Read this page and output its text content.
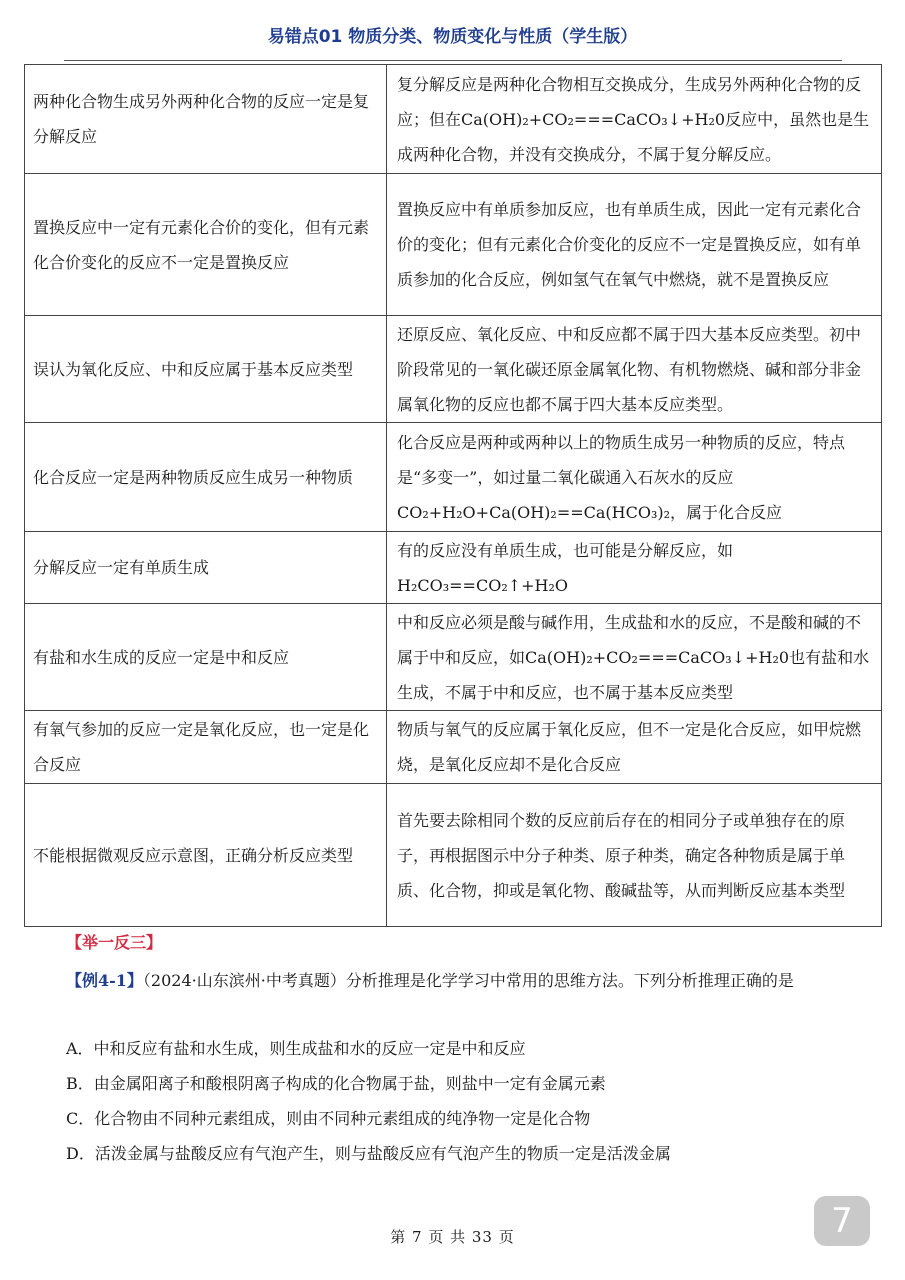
易错点01 物质分类、物质变化与性质（学生版）
两种化合物生成另外两种化合物的反应一定是复分解反应	复分解反应是两种化合物相互交换成分，生成另外两种化合物的反应；但在Ca(OH)₂+CO₂===CaCO₃↓+H₂0反应中，虽然也是生成两种化合物，并没有交换成分，不属于复分解反应。
置换反应中一定有元素化合价的变化，但有元素化合价变化的反应不一定是置换反应	置换反应中有单质参加反应，也有单质生成，因此一定有元素化合价的变化；但有元素化合价变化的反应不一定是置换反应，如有单质参加的化合反应，例如氢气在氧气中燃烧，就不是置换反应
误认为氧化反应、中和反应属于基本反应类型	还原反应、氧化反应、中和反应都不属于四大基本反应类型。初中阶段常见的一氧化碳还原金属氧化物、有机物燃烧、碱和部分非金属氧化物的反应也都不属于四大基本反应类型。
化合反应一定是两种物质反应生成另一种物质	化合反应是两种或两种以上的物质生成另一种物质的反应，特点是“多变一”，如过量二氧化碳通入石灰水的反应CO₂+H₂O+Ca(OH)₂==Ca(HCO₃)₂，属于化合反应
分解反应一定有单质生成	有的反应没有单质生成，也可能是分解反应，如H₂CO₃==CO₂↑+H₂O
有盐和水生成的反应一定是中和反应	中和反应必须是酸与碱作用，生成盐和水的反应，不是酸和碱的不属于中和反应，如Ca(OH)₂+CO₂===CaCO₃↓+H₂0也有盐和水生成，不属于中和反应，也不属于基本反应类型
有氧气参加的反应一定是氧化反应，也一定是化合反应	物质与氧气的反应属于氧化反应，但不一定是化合反应，如甲烷燃烧，是氧化反应却不是化合反应
不能根据微观反应示意图，正确分析反应类型	首先要去除相同个数的反应前后存在的相同分子或单独存在的原子，再根据图示中分子种类、原子种类，确定各种物质是属于单质、化合物，抑或是氧化物、酸碱盐等，从而判断反应基本类型
【举一反三】
【例4-1】（2024·山东滨州·中考真题）分析推理是化学学习中常用的思维方法。下列分析推理正确的是
A．中和反应有盐和水生成，则生成盐和水的反应一定是中和反应
B．由金属阳离子和酸根阴离子构成的化合物属于盐，则盐中一定有金属元素
C．化合物由不同种元素组成，则由不同种元素组成的纯净物一定是化合物
D．活泼金属与盐酸反应有气泡产生，则与盐酸反应有气泡产生的物质一定是活泼金属
第 7 页 共 33 页	7
